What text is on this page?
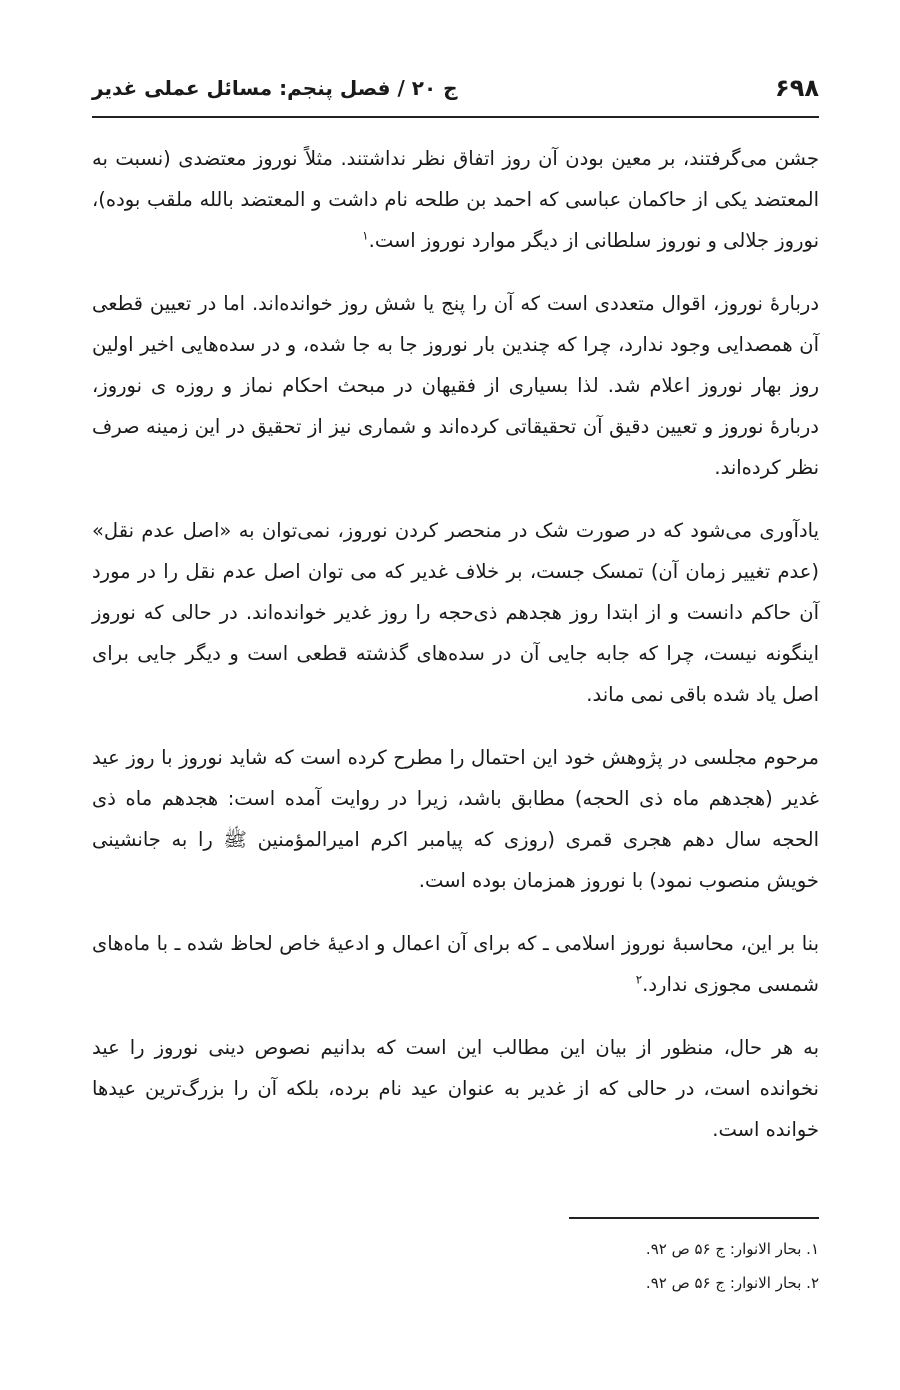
۶۹۸
ج ۲۰ / فصل پنجم: مسائل عملی غدیر

جشن می‌گرفتند، بر معین بودن آن روز اتفاق نظر نداشتند. مثلاً نوروز معتضدی (نسبت به المعتضد یکی از حاکمان عباسی که احمد بن طلحه نام داشت و المعتضد بالله ملقب بوده)، نوروز جلالی و نوروز سلطانی از دیگر موارد نوروز است.$^۱$

دربارهٔ نوروز، اقوال متعددی است که آن را پنج یا شش روز خوانده‌اند. اما در تعیین قطعی آن همصدایی وجود ندارد، چرا که چندین بار نوروز جا به جا شده، و در سده‌هایی اخیر اولین روز بهار نوروز اعلام شد. لذا بسیاری از فقیهان در مبحث احکام نماز و روزه ی نوروز، دربارهٔ نوروز و تعیین دقیق آن تحقیقاتی کرده‌اند و شماری نیز از تحقیق در این زمینه صرف نظر کرده‌اند.

یادآوری می‌شود که در صورت شک در منحصر کردن نوروز، نمی‌توان به «اصل عدم نقل» (عدم تغییر زمان آن) تمسک جست، بر خلاف غدیر که می توان اصل عدم نقل را در مورد آن حاکم دانست و از ابتدا روز هجدهم ذی‌حجه را روز غدیر خوانده‌اند. در حالی که نوروز اینگونه نیست، چرا که جابه جایی آن در سده‌های گذشته قطعی است و دیگر جایی برای اصل یاد شده باقی نمی ماند.

مرحوم مجلسی در پژوهش خود این احتمال را مطرح کرده است که شاید نوروز با روز عید غدیر (هجدهم ماه ذی الحجه) مطابق باشد، زیرا در روایت آمده است: هجدهم ماه ذی الحجه سال دهم هجری قمری (روزی که پیامبر اکرم امیرالمؤمنین ﷺ را به جانشینی خویش منصوب نمود) با نوروز همزمان بوده است.

بنا بر این، محاسبهٔ نوروز اسلامی ـ که برای آن اعمال و ادعیهٔ خاص لحاظ شده ـ با ماه‌های شمسی مجوزی ندارد.$^۲$

به هر حال، منظور از بیان این مطالب این است که بدانیم نصوص دینی نوروز را عید نخوانده است، در حالی که از غدیر به عنوان عید نام برده، بلکه آن را بزرگ‌ترین عیدها خوانده است.

۱. بحار الانوار: ج ۵۶ ص ۹۲.
۲. بحار الانوار: ج ۵۶ ص ۹۲.
